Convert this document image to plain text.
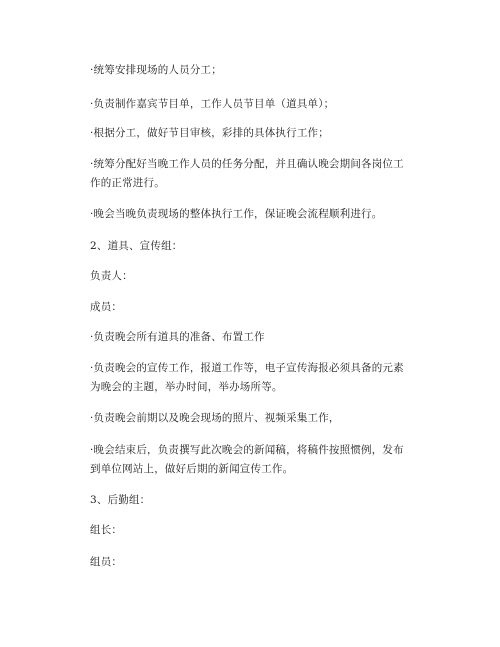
·统筹安排现场的人员分工；

·负责制作嘉宾节目单，工作人员节目单（道具单）；

·根据分工，做好节目审核，彩排的具体执行工作；

·统筹分配好当晚工作人员的任务分配，并且确认晚会期间各岗位工作的正常进行。

·晚会当晚负责现场的整体执行工作，保证晚会流程顺利进行。

2、道具、宣传组：

负责人：

成员：

·负责晚会所有道具的准备、布置工作

·负责晚会的宣传工作，报道工作等，电子宣传海报必须具备的元素为晚会的主题，举办时间，举办场所等。

·负责晚会前期以及晚会现场的照片、视频采集工作，

·晚会结束后，负责撰写此次晚会的新闻稿，将稿件按照惯例，发布到单位网站上，做好后期的新闻宣传工作。

3、后勤组：

组长：

组员：
